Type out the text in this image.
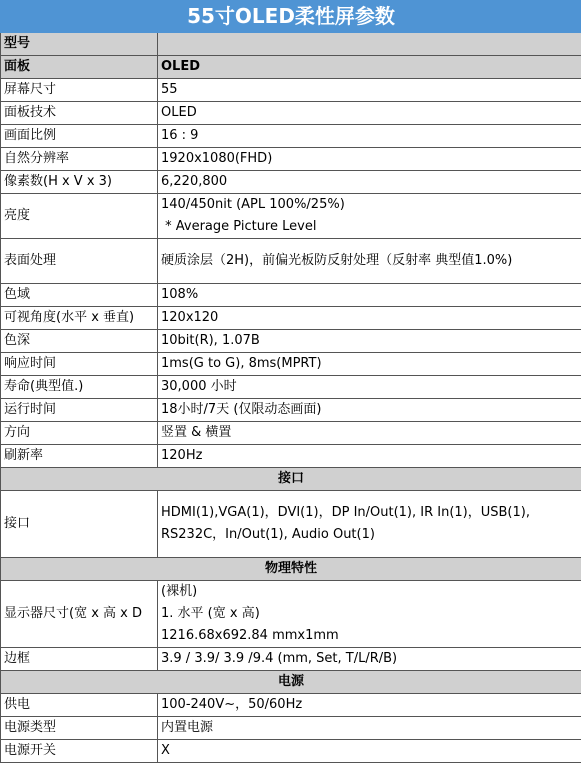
55寸OLED柔性屏参数	
型号	
面板	OLED
屏幕尺寸	55
面板技术	OLED
画面比例	16 : 9
自然分辨率	1920x1080(FHD)
像素数(H x V x 3)	6,220,800
亮度	140/450nit (APL 100%/25%)
* Average Picture Level

表面处理	硬质涂层（2H)，前偏光板防反射处理（反射率 典型值1.0%)
色域	108%
可视角度(水平 x 垂直)	120x120
色深	10bit(R), 1.07B
响应时间	1ms(G to G), 8ms(MPRT)
寿命(典型值.)	30,000 小时
运行时间	18小时/7天 (仅限动态画面)
方向	竖置 & 横置
刷新率	120Hz
接口	
接口	HDMI(1),VGA(1)，DVI(1)，DP In/Out(1), IR In(1)，USB(1),
RS232C，In/Out(1), Audio Out(1)

物理特性	
显示器尺寸(宽 x 高 x D	(裸机)
1. 水平 (宽 x 高)
1216.68x692.84 mmx1mm

边框	3.9 / 3.9/ 3.9 /9.4 (mm, Set, T/L/R/B)
电源	
供电	100-240V~，50/60Hz
电源类型	内置电源
电源开关	X
